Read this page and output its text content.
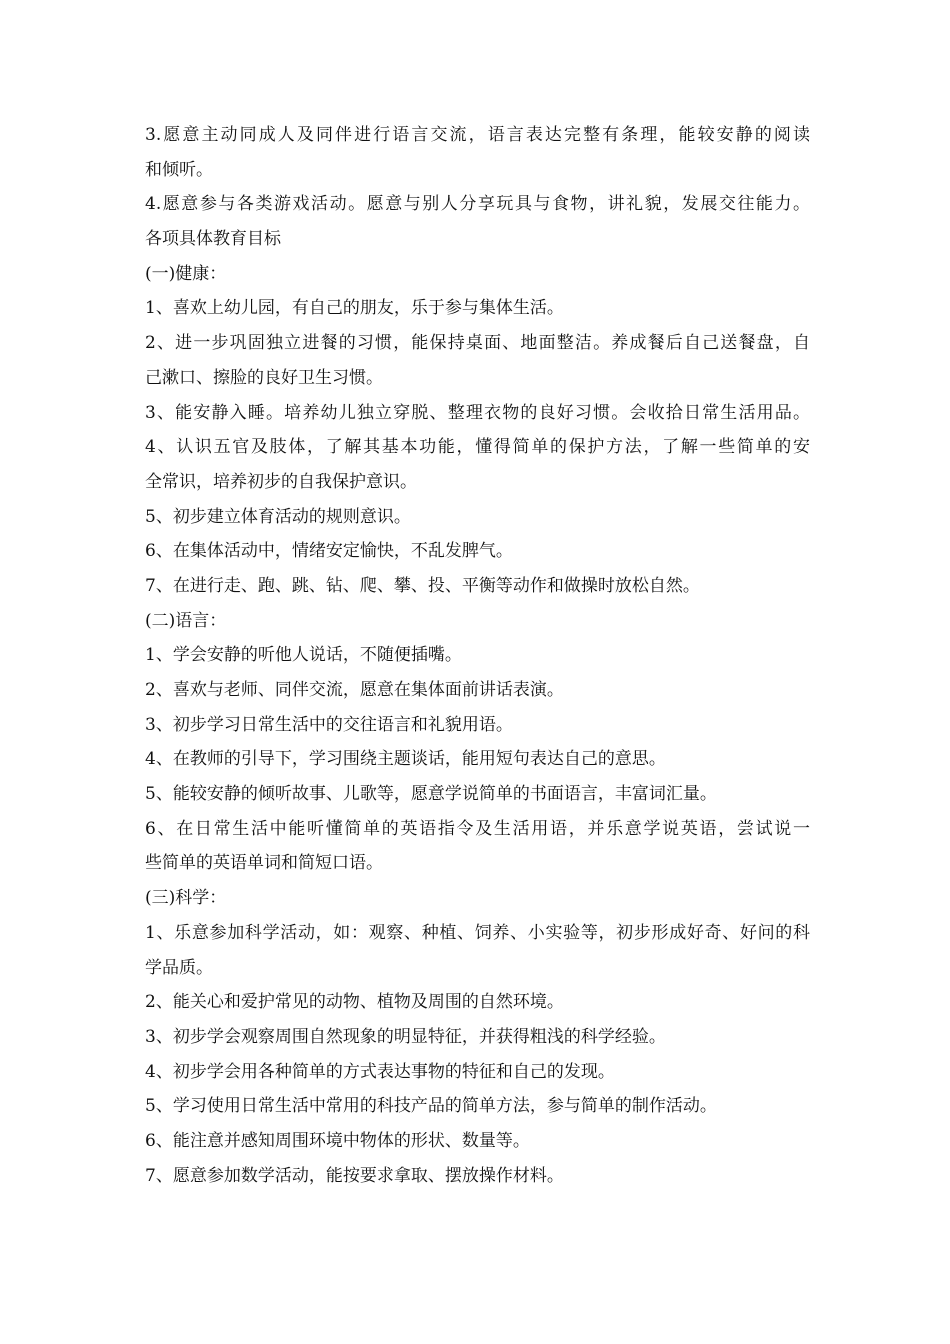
3.愿意主动同成人及同伴进行语言交流，语言表达完整有条理，能较安静的阅读
和倾听。
4.愿意参与各类游戏活动。愿意与别人分享玩具与食物，讲礼貌，发展交往能力。
各项具体教育目标
(一)健康：
1、喜欢上幼儿园，有自己的朋友，乐于参与集体生活。
2、进一步巩固独立进餐的习惯，能保持桌面、地面整洁。养成餐后自己送餐盘，自
己漱口、擦脸的良好卫生习惯。
3、能安静入睡。培养幼儿独立穿脱、整理衣物的良好习惯。会收拾日常生活用品。
4、认识五官及肢体，了解其基本功能，懂得简单的保护方法，了解一些简单的安
全常识，培养初步的自我保护意识。
5、初步建立体育活动的规则意识。
6、在集体活动中，情绪安定愉快，不乱发脾气。
7、在进行走、跑、跳、钻、爬、攀、投、平衡等动作和做操时放松自然。
(二)语言：
1、学会安静的听他人说话，不随便插嘴。
2、喜欢与老师、同伴交流，愿意在集体面前讲话表演。
3、初步学习日常生活中的交往语言和礼貌用语。
4、在教师的引导下，学习围绕主题谈话，能用短句表达自己的意思。
5、能较安静的倾听故事、儿歌等，愿意学说简单的书面语言，丰富词汇量。
6、在日常生活中能听懂简单的英语指令及生活用语，并乐意学说英语，尝试说一
些简单的英语单词和简短口语。
(三)科学：
1、乐意参加科学活动，如：观察、种植、饲养、小实验等，初步形成好奇、好问的科
学品质。
2、能关心和爱护常见的动物、植物及周围的自然环境。
3、初步学会观察周围自然现象的明显特征，并获得粗浅的科学经验。
4、初步学会用各种简单的方式表达事物的特征和自己的发现。
5、学习使用日常生活中常用的科技产品的简单方法，参与简单的制作活动。
6、能注意并感知周围环境中物体的形状、数量等。
7、愿意参加数学活动，能按要求拿取、摆放操作材料。
